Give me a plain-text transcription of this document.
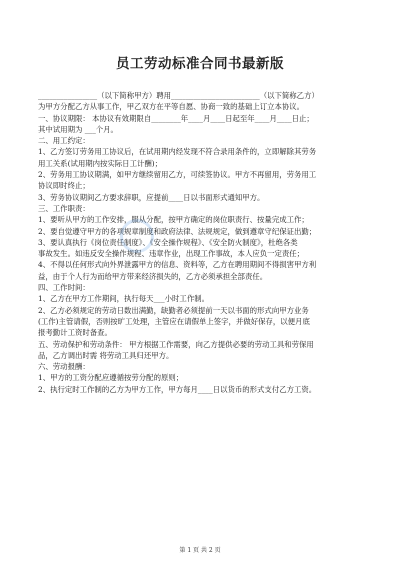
员工劳动标准合同书最新版

________________（以下简称甲方）聘用________________________（以下简称乙方）

为甲方分配乙方从事工作，甲乙双方在平等自愿、协商一致的基础上订立本协议。

一、协议期限： 本协议有效期限自________年____月____日起至年____月____日止；

其中试用期为 ___个月。

二、用工约定：

1、乙方签订劳务用工协议后，在试用期内经发现不符合录用条件的，立即解除其劳务

用工关系(试用期内按实际日工计酬)；

2、劳务用工协议期满，如甲方继续留用乙方，可续签协议。甲方不再留用，劳务用工

协议即时终止；

3、劳务协议期间乙方要求辞职，应提前____日以书面形式通知甲方。

三、工作职责：

1、要听从甲方的工作安排，服从分配，按甲方确定的岗位职责行、按量完成工作；

2、要自觉遵守甲方的各项规章制度和政府法律、法规规定，做到遵章守纪保证出勤；

3、要认真执行《岗位责任制度》、《安全操作规程》、《安全防火制度》，杜绝各类

事故发生。如违反安全操作规程、违章作业，出现工作事故，本人应负一定责任；

4、不得以任何形式向外界泄露甲方的信息、资料等，乙方在聘用期间不得损害甲方利

益，由于个人行为而给甲方带来经济损失的，乙方必须承担全部责任。

四、工作时间：

1、乙方在甲方工作期间，执行每天___小时工作制。

2、乙方必须规定的劳动日数出满勤，缺勤者必须提前一天以书面的形式向甲方业务

(工作)主管请假，否则按旷工处理，主管应在请假单上签字，并做好保存，以便月底

报考勤计工资时备查。

五、劳动保护和劳动条件： 甲方根据工作需要，向乙方提供必要的劳动工具和劳保用

品，乙方调出时需 将劳动工具归还甲方。

六、劳动报酬：

1、甲方的工资分配应遵循按劳分配的原则；

2、执行定时工作制的乙方为甲方工作，甲方每月____日以货币的形式支付乙方工资。

第 1 页 共 2 页
